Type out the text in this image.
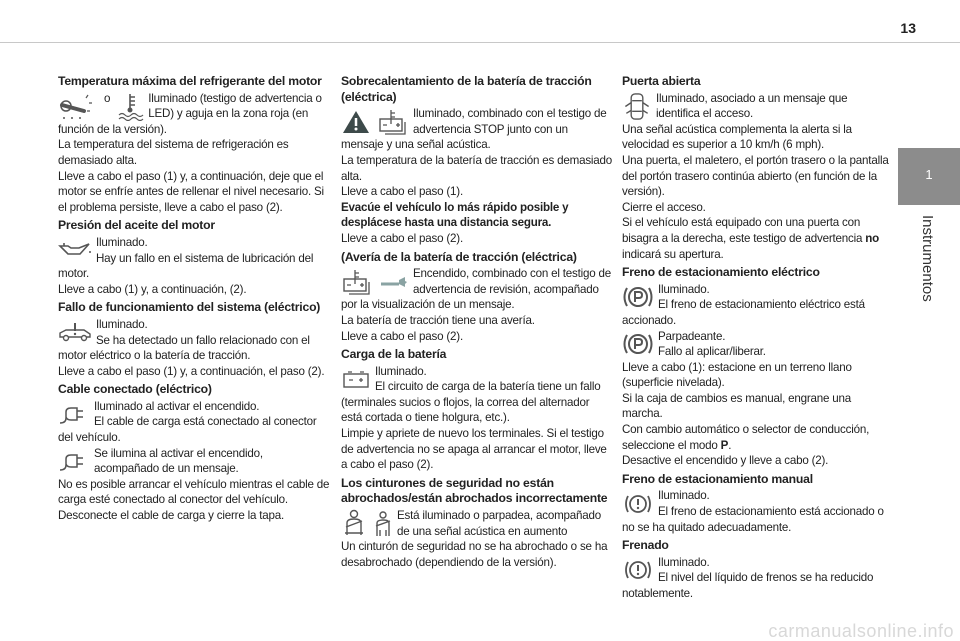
13
Temperatura máxima del refrigerante del motor
o	Iluminado (testigo de advertencia o LED) y aguja en la zona roja (en función de la versión).
La temperatura del sistema de refrigeración es demasiado alta.
Lleve a cabo el paso (1) y, a continuación, deje que el motor se enfríe antes de rellenar el nivel necesario. Si el problema persiste, lleve a cabo el paso (2).
Presión del aceite del motor
Iluminado.
Hay un fallo en el sistema de lubricación del motor.
Lleve a cabo (1) y, a continuación, (2).
Fallo de funcionamiento del sistema (eléctrico)
Iluminado.
Se ha detectado un fallo relacionado con el motor eléctrico o la batería de tracción.
Lleve a cabo el paso (1) y, a continuación, el paso (2).
Cable conectado (eléctrico)
Iluminado al activar el encendido.
El cable de carga está conectado al conector del vehículo.
Se ilumina al activar el encendido, acompañado de un mensaje.
No es posible arrancar el vehículo mientras el cable de carga esté conectado al conector del vehículo.
Desconecte el cable de carga y cierre la tapa.
Sobrecalentamiento de la batería de tracción (eléctrica)
Iluminado, combinado con el testigo de advertencia STOP junto con un mensaje y una señal acústica.
La temperatura de la batería de tracción es demasiado alta.
Lleve a cabo el paso (1).
Evacúe el vehículo lo más rápido posible y desplácese hasta una distancia segura.
Lleve a cabo el paso (2).
(Avería de la batería de tracción (eléctrica)
Encendido, combinado con el testigo de advertencia de revisión, acompañado por la visualización de un mensaje.
La batería de tracción tiene una avería.
Lleve a cabo el paso (2).
Carga de la batería
Iluminado.
El circuito de carga de la batería tiene un fallo (terminales sucios o flojos, la correa del alternador está cortada o tiene holgura, etc.).
Limpie y apriete de nuevo los terminales. Si el testigo de advertencia no se apaga al arrancar el motor, lleve a cabo el paso (2).
Los cinturones de seguridad no están abrochados/están abrochados incorrectamente
Está iluminado o parpadea, acompañado de una señal acústica en aumento
Un cinturón de seguridad no se ha abrochado o se ha desabrochado (dependiendo de la versión).
Puerta abierta
Iluminado, asociado a un mensaje que identifica el acceso.
Una señal acústica complementa la alerta si la velocidad es superior a 10 km/h (6 mph).
Una puerta, el maletero, el portón trasero o la pantalla del portón trasero continúa abierto (en función de la versión).
Cierre el acceso.
Si el vehículo está equipado con una puerta con bisagra a la derecha, este testigo de advertencia no indicará su apertura.
Freno de estacionamiento eléctrico
Iluminado.
El freno de estacionamiento eléctrico está accionado.
Parpadeante.
Fallo al aplicar/liberar.
Lleve a cabo (1): estacione en un terreno llano (superficie nivelada).
Si la caja de cambios es manual, engrane una marcha.
Con cambio automático o selector de conducción, seleccione el modo P.
Desactive el encendido y lleve a cabo (2).
Freno de estacionamiento manual
Iluminado.
El freno de estacionamiento está accionado o no se ha quitado adecuadamente.
Frenado
Iluminado.
El nivel del líquido de frenos se ha reducido notablemente.
1
Instrumentos
carmanualsonline.info
